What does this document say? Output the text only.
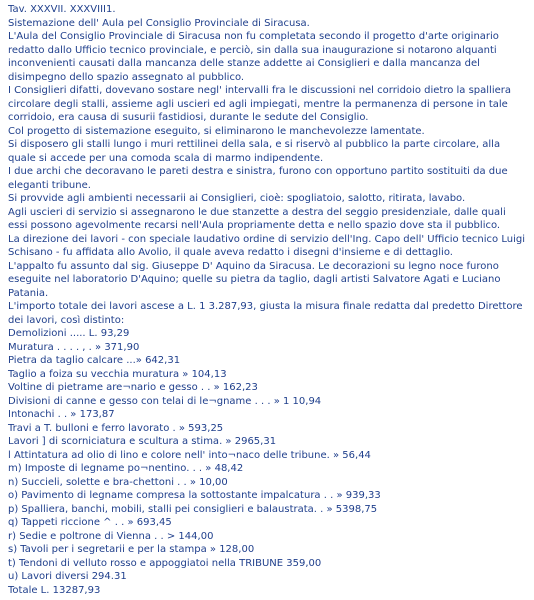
Tav. XXXVII. XXXVIII1.

Sistemazione dell' Aula pel Consiglio Provinciale di Siracusa.

L'Aula del Consiglio Provinciale di Siracusa non fu completata secondo il progetto d'arte originario redatto dallo Ufficio tecnico provinciale, e perciò, sin dalla sua inaugurazione si notarono alquanti inconvenienti causati dalla mancanza delle stanze addette ai Consiglieri e dalla mancanza del disimpegno dello spazio assegnato al pubblico.

I Consiglieri difatti, dovevano sostare negl' intervalli fra le discussioni nel corridoio dietro la spalliera circolare degli stalli, assieme agli uscieri ed agli impiegati, mentre la permanenza di persone in tale corridoio, era causa di susurii fastidiosi, durante le sedute del Consiglio.

Col progetto di sistemazione eseguito, si eliminarono le manchevolezze lamentate.

Si disposero gli stalli lungo i muri rettilinei della sala, e si riservò al pubblico la parte circolare, alla quale si accede per una comoda scala di marmo indipendente.

I due archi che decoravano le pareti destra e sinistra, furono con opportuno partito sostituiti da due eleganti tribune.

Si provvide agli ambienti necessarii ai Consiglieri, cioè: spogliatoio, salotto, ritirata, lavabo.

Agli uscieri di servizio si assegnarono le due stanzette a destra del seggio presidenziale, dalle quali essi possono agevolmente recarsi nell'Aula propriamente detta e nello spazio dove sta il pubblico.

La direzione dei lavori - con speciale laudativo ordine di servizio dell'Ing. Capo dell' Ufficio tecnico Luigi Schisano - fu affidata allo Avolio, il quale aveva redatto i disegni d'insieme e di dettaglio.

L'appalto fu assunto dal sig. Giuseppe D' Aquino da Siracusa. Le decorazioni su legno noce furono eseguite nel laboratorio D'Aquino; quelle su pietra da taglio, dagli artisti Salvatore Agati e Luciano Patania.

L'importo totale dei lavori ascese a L. 1 3.287,93, giusta la misura finale redatta dal predetto Direttore dei lavori, così distinto:

Demolizioni ..... L. 93,29

Muratura . . . . , . » 371,90

Pietra da taglio calcare ...» 642,31

Taglio a foiza su vecchia muratura » 104,13

Voltine di pietrame are¬nario e gesso . . » 162,23

Divisioni di canne e gesso con telai di le¬gname . . . » 1 10,94

Intonachi . . » 173,87

Travi a T. bulloni e ferro lavorato . » 593,25

Lavori ] di scorniciatura e scultura a stima. » 2965,31

l Attintatura ad olio di lino e colore nell' into¬naco delle tribune. » 56,44

m) Imposte di legname po¬nentino. . . » 48,42

n) Succieli, solette e bra-chettoni . . » 10,00

o) Pavimento di legname compresa la sottostante impalcatura . . » 939,33

p) Spalliera, banchi, mobili, stalli pei consiglieri e balaustrata. . » 5398,75

q) Tappeti riccione ^ . . » 693,45

r) Sedie e poltrone di Vienna . . > 144,00

s) Tavoli per i segretarii e per la stampa » 128,00

t) Tendoni di velluto rosso e appoggiatoi nella TRIBUNE 359,00

u) Lavori diversi 294.31

Totale L. 13287,93
